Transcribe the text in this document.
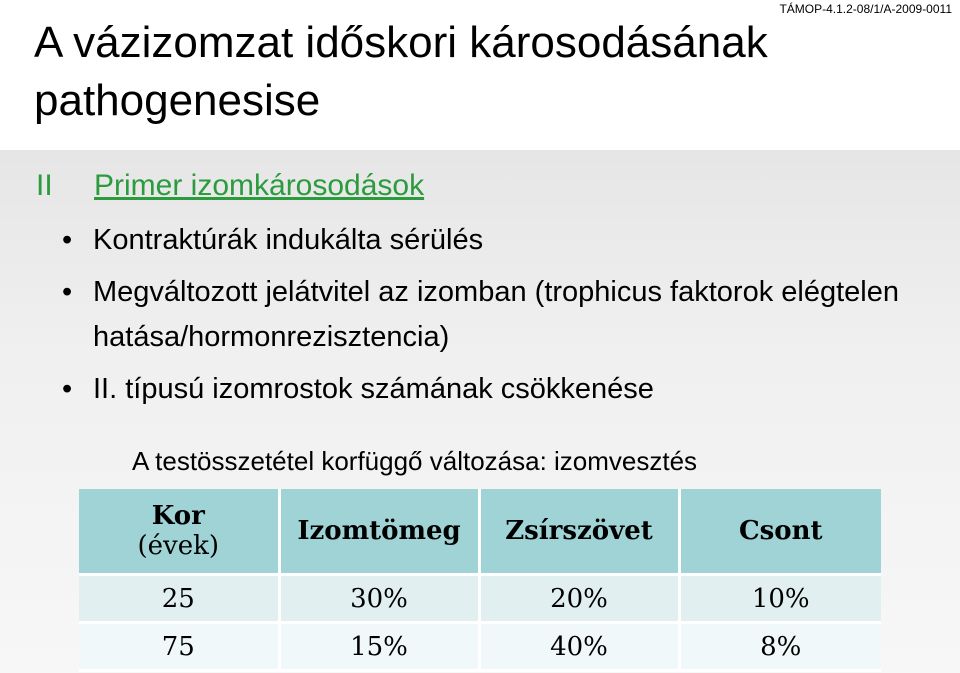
A vázizomzat időskori károsodásának pathogenesise
TÁMOP-4.1.2-08/1/A-2009-0011
II Primer izomkárosodások
• Kontraktúrák indukálta sérülés
• Megváltozott jelátvitel az izomban (trophicus faktorok elégtelen hatása/hormonrezisztencia)
• II. típusú izomrostok számának csökkenése
A testösszetétel korfüggő változása: izomvesztés
Kor
(évek)	Izomtömeg	Zsírszövet	Csont
25	30%	20%	10%
75	15%	40%	8%
